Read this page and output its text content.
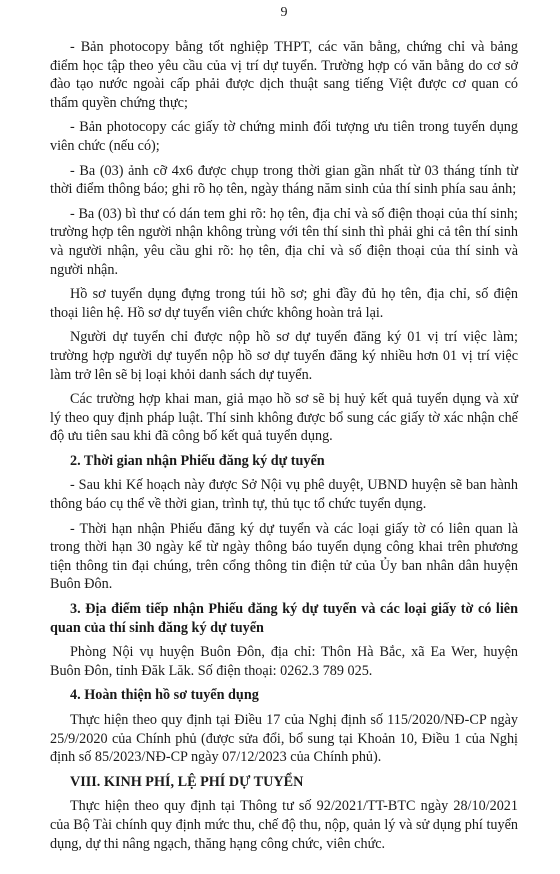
9

- Bản photocopy bằng tốt nghiệp THPT, các văn bằng, chứng chỉ và bảng điểm học tập theo yêu cầu của vị trí dự tuyển. Trường hợp có văn bằng do cơ sở đào tạo nước ngoài cấp phải được dịch thuật sang tiếng Việt được cơ quan có thẩm quyền chứng thực;

- Bản photocopy các giấy tờ chứng minh đối tượng ưu tiên trong tuyển dụng viên chức (nếu có);

- Ba (03) ảnh cỡ 4x6 được chụp trong thời gian gần nhất từ 03 tháng tính từ thời điểm thông báo; ghi rõ họ tên, ngày tháng năm sinh của thí sinh phía sau ảnh;

- Ba (03) bì thư có dán tem ghi rõ: họ tên, địa chỉ và số điện thoại của thí sinh; trường hợp tên người nhận không trùng với tên thí sinh thì phải ghi cả tên thí sinh và người nhận, yêu cầu ghi rõ: họ tên, địa chỉ và số điện thoại của thí sinh và người nhận.

Hồ sơ tuyển dụng đựng trong túi hồ sơ; ghi đầy đủ họ tên, địa chỉ, số điện thoại liên hệ. Hồ sơ dự tuyển viên chức không hoàn trả lại.

Người dự tuyển chỉ được nộp hồ sơ dự tuyển đăng ký 01 vị trí việc làm; trường hợp người dự tuyển nộp hồ sơ dự tuyển đăng ký nhiều hơn 01 vị trí việc làm trở lên sẽ bị loại khỏi danh sách dự tuyển.

Các trường hợp khai man, giả mạo hồ sơ sẽ bị huỷ kết quả tuyển dụng và xử lý theo quy định pháp luật. Thí sinh không được bổ sung các giấy tờ xác nhận chế độ ưu tiên sau khi đã công bố kết quả tuyển dụng.

2. Thời gian nhận Phiếu đăng ký dự tuyển

- Sau khi Kế hoạch này được Sở Nội vụ phê duyệt, UBND huyện sẽ ban hành thông báo cụ thể về thời gian, trình tự, thủ tục tổ chức tuyển dụng.

- Thời hạn nhận Phiếu đăng ký dự tuyển và các loại giấy tờ có liên quan là trong thời hạn 30 ngày kể từ ngày thông báo tuyển dụng công khai trên phương tiện thông tin đại chúng, trên cổng thông tin điện tử của Ủy ban nhân dân huyện Buôn Đôn.

3. Địa điểm tiếp nhận Phiếu đăng ký dự tuyển và các loại giấy tờ có liên quan của thí sinh đăng ký dự tuyển

Phòng Nội vụ huyện Buôn Đôn, địa chỉ: Thôn Hà Bắc, xã Ea Wer, huyện Buôn Đôn, tỉnh Đăk Lăk. Số điện thoại: 0262.3 789 025.

4. Hoàn thiện hồ sơ tuyển dụng

Thực hiện theo quy định tại Điều 17 của Nghị định số 115/2020/NĐ-CP ngày 25/9/2020 của Chính phủ (được sửa đổi, bổ sung tại Khoản 10, Điều 1 của Nghị định số 85/2023/NĐ-CP ngày 07/12/2023 của Chính phủ).

VIII. KINH PHÍ, LỆ PHÍ DỰ TUYỂN

Thực hiện theo quy định tại Thông tư số 92/2021/TT-BTC ngày 28/10/2021 của Bộ Tài chính quy định mức thu, chế độ thu, nộp, quản lý và sử dụng phí tuyển dụng, dự thi nâng ngạch, thăng hạng công chức, viên chức.
